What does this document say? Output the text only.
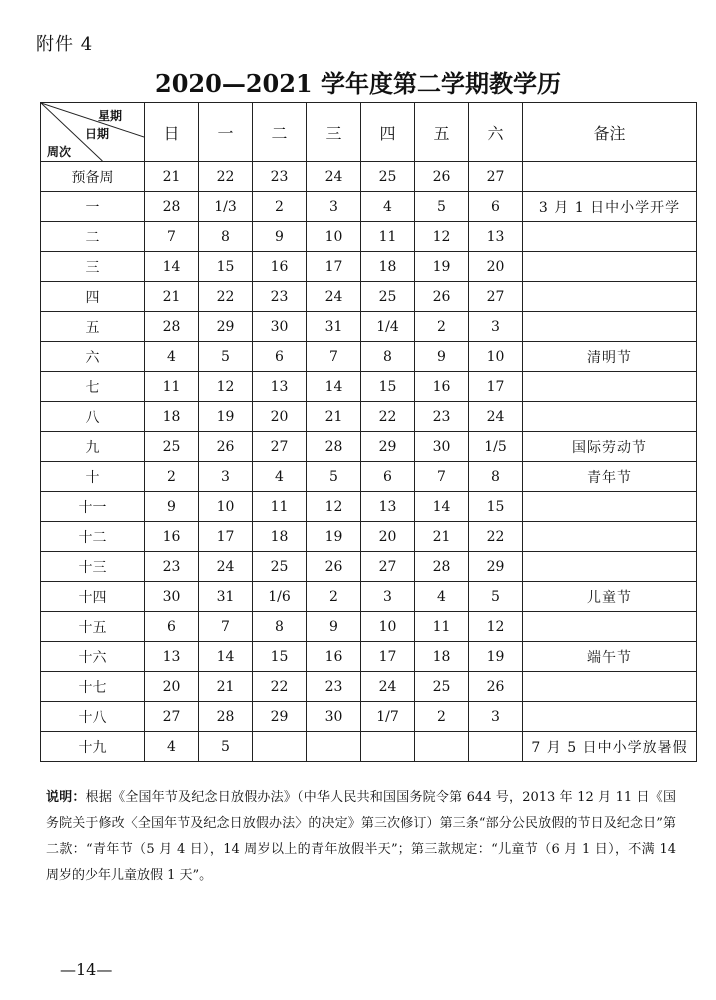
附件 4
2020—2021 学年度第二学期教学历
星期
日期
周次	日	一	二	三	四	五	六	备注
预备周	21	22	23	24	25	26	27	
一	28	1/3	2	3	4	5	6	3 月 1 日中小学开学
二	7	8	9	10	11	12	13	
三	14	15	16	17	18	19	20	
四	21	22	23	24	25	26	27	
五	28	29	30	31	1/4	2	3	
六	4	5	6	7	8	9	10	清明节
七	11	12	13	14	15	16	17	
八	18	19	20	21	22	23	24	
九	25	26	27	28	29	30	1/5	国际劳动节
十	2	3	4	5	6	7	8	青年节
十一	9	10	11	12	13	14	15	
十二	16	17	18	19	20	21	22	
十三	23	24	25	26	27	28	29	
十四	30	31	1/6	2	3	4	5	儿童节
十五	6	7	8	9	10	11	12	
十六	13	14	15	16	17	18	19	端午节
十七	20	21	22	23	24	25	26	
十八	27	28	29	30	1/7	2	3	
十九	4	5						7 月 5 日中小学放暑假
说明：根据《全国年节及纪念日放假办法》（中华人民共和国国务院令第 644 号，2013 年 12 月 11 日《国务院关于修改〈全国年节及纪念日放假办法〉的决定》第三次修订）第三条“部分公民放假的节日及纪念日”第二款：“青年节（5 月 4 日），14 周岁以上的青年放假半天”；第三款规定：“儿童节（6 月 1 日），不满 14 周岁的少年儿童放假 1 天”。
—14—
